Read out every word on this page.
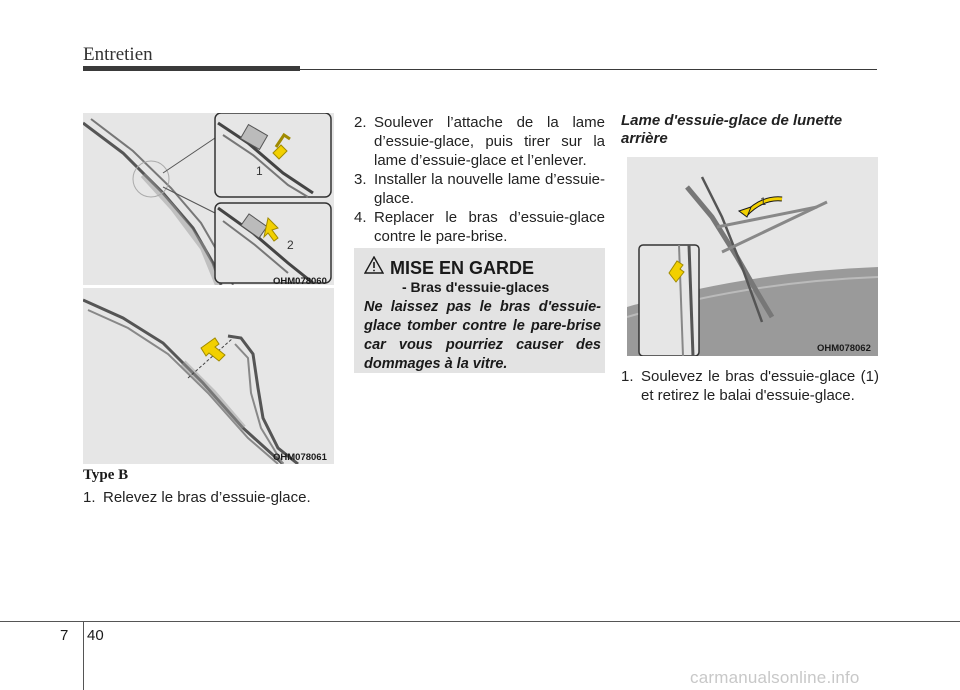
Entretien
1
2
OHM078060
OHM078061
Type B
1. Relevez le bras d’essuie-glace.
2. Soulever l’attache de la lame d’essuie-glace, puis tirer sur la lame d’essuie-glace et l’enlever.
3. Installer la nouvelle lame d’essuie-glace.
4. Replacer le bras d’essuie-glace contre le pare-brise.
MISE EN GARDE
- Bras d'essuie-glaces
Ne laissez pas le bras d'essuie-glace tomber contre le pare-brise car vous pourriez causer des dommages à la vitre.
Lame d'essuie-glace de lunette arrière
1
OHM078062
1. Soulevez le bras d'essuie-glace (1) et retirez le balai d'essuie-glace.
7 40
carmanualsonline.info
